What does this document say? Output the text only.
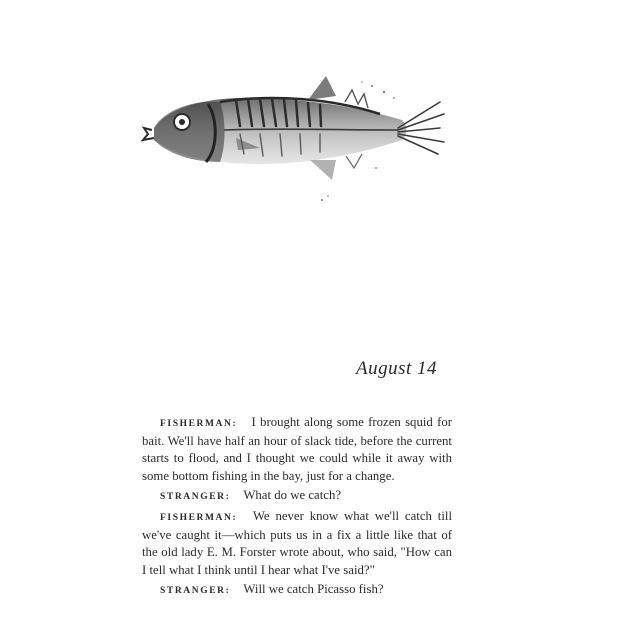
August 14

FISHERMAN: I brought along some frozen squid for bait. We'll have half an hour of slack tide, before the current starts to flood, and I thought we could while it away with some bottom fishing in the bay, just for a change.

STRANGER: What do we catch?

FISHERMAN: We never know what we'll catch till we've caught it—which puts us in a fix a little like that of the old lady E. M. Forster wrote about, who said, "How can I tell what I think until I hear what I've said?"

STRANGER: Will we catch Picasso fish?
